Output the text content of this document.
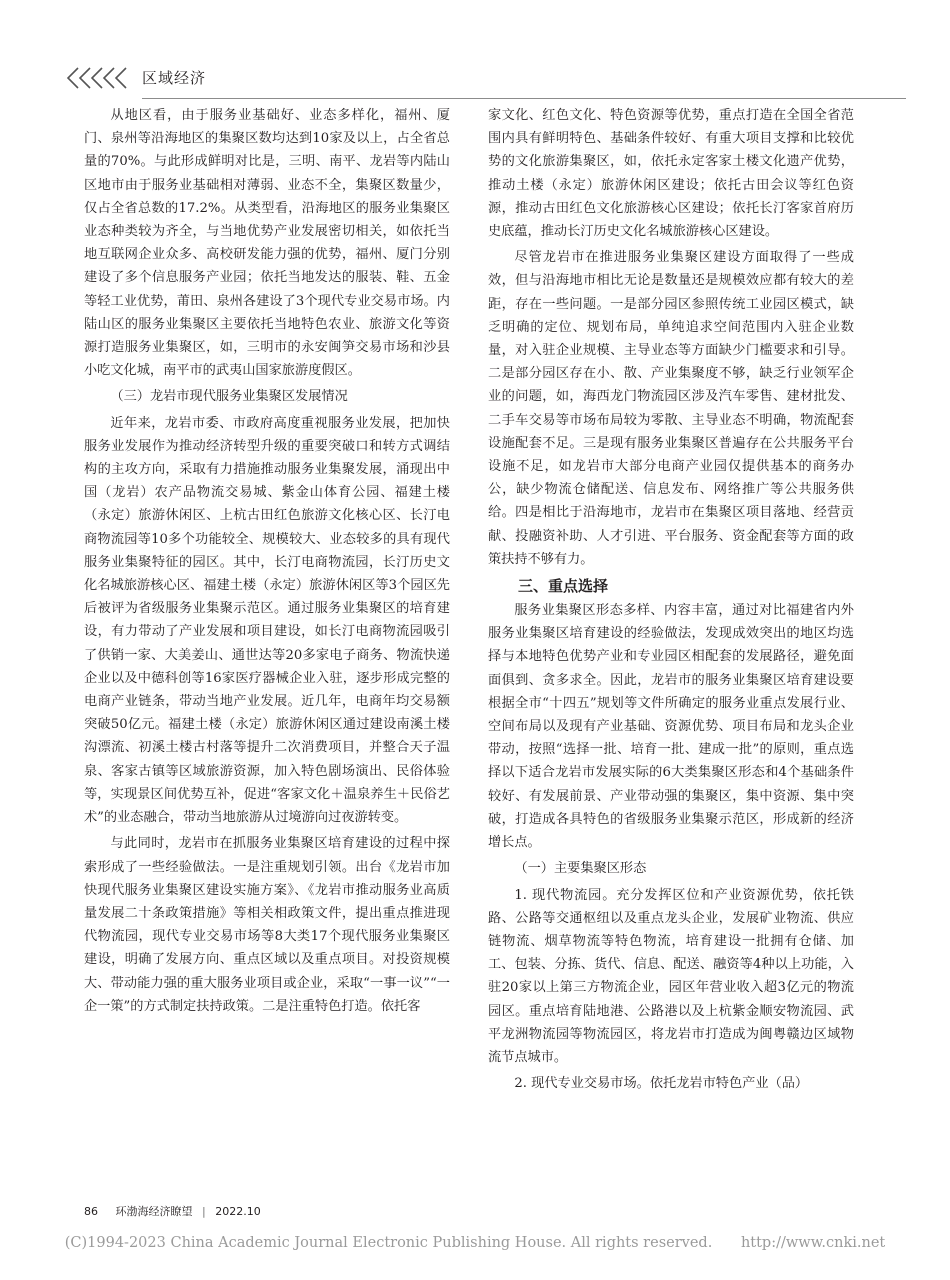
区域经济

从地区看，由于服务业基础好、业态多样化，福州、厦门、泉州等沿海地区的集聚区数均达到10家及以上，占全省总量的70%。与此形成鲜明对比是，三明、南平、龙岩等内陆山区地市由于服务业基础相对薄弱、业态不全，集聚区数量少，仅占全省总数的17.2%。从类型看，沿海地区的服务业集聚区业态种类较为齐全，与当地优势产业发展密切相关，如依托当地互联网企业众多、高校研发能力强的优势，福州、厦门分别建设了多个信息服务产业园；依托当地发达的服装、鞋、五金等轻工业优势，莆田、泉州各建设了3个现代专业交易市场。内陆山区的服务业集聚区主要依托当地特色农业、旅游文化等资源打造服务业集聚区，如，三明市的永安闽笋交易市场和沙县小吃文化城，南平市的武夷山国家旅游度假区。

（三）龙岩市现代服务业集聚区发展情况

近年来，龙岩市委、市政府高度重视服务业发展，把加快服务业发展作为推动经济转型升级的重要突破口和转方式调结构的主攻方向，采取有力措施推动服务业集聚发展，涌现出中国（龙岩）农产品物流交易城、紫金山体育公园、福建土楼（永定）旅游休闲区、上杭古田红色旅游文化核心区、长汀电商物流园等10多个功能较全、规模较大、业态较多的具有现代服务业集聚特征的园区。其中，长汀电商物流园，长汀历史文化名城旅游核心区、福建土楼（永定）旅游休闲区等3个园区先后被评为省级服务业集聚示范区。通过服务业集聚区的培育建设，有力带动了产业发展和项目建设，如长汀电商物流园吸引了供销一家、大美姜山、通世达等20多家电子商务、物流快递企业以及中德科创等16家医疗器械企业入驻，逐步形成完整的电商产业链条，带动当地产业发展。近几年，电商年均交易额突破50亿元。福建土楼（永定）旅游休闲区通过建设南溪土楼沟漂流、初溪土楼古村落等提升二次消费项目，并整合天子温泉、客家古镇等区域旅游资源，加入特色剧场演出、民俗体验等，实现景区间优势互补，促进“客家文化＋温泉养生＋民俗艺术”的业态融合，带动当地旅游从过境游向过夜游转变。

与此同时，龙岩市在抓服务业集聚区培育建设的过程中探索形成了一些经验做法。一是注重规划引领。出台《龙岩市加快现代服务业集聚区建设实施方案》、《龙岩市推动服务业高质量发展二十条政策措施》等相关相政策文件，提出重点推进现代物流园，现代专业交易市场等8大类17个现代服务业集聚区建设，明确了发展方向、重点区域以及重点项目。对投资规模大、带动能力强的重大服务业项目或企业，采取“一事一议”“一企一策”的方式制定扶持政策。二是注重特色打造。依托客

家文化、红色文化、特色资源等优势，重点打造在全国全省范围内具有鲜明特色、基础条件较好、有重大项目支撑和比较优势的文化旅游集聚区，如，依托永定客家土楼文化遗产优势，推动土楼（永定）旅游休闲区建设；依托古田会议等红色资源，推动古田红色文化旅游核心区建设；依托长汀客家首府历史底蕴，推动长汀历史文化名城旅游核心区建设。

尽管龙岩市在推进服务业集聚区建设方面取得了一些成效，但与沿海地市相比无论是数量还是规模效应都有较大的差距，存在一些问题。一是部分园区参照传统工业园区模式，缺乏明确的定位、规划布局，单纯追求空间范围内入驻企业数量，对入驻企业规模、主导业态等方面缺少门槛要求和引导。二是部分园区存在小、散、产业集聚度不够，缺乏行业领军企业的问题，如，海西龙门物流园区涉及汽车零售、建材批发、二手车交易等市场布局较为零散、主导业态不明确，物流配套设施配套不足。三是现有服务业集聚区普遍存在公共服务平台设施不足，如龙岩市大部分电商产业园仅提供基本的商务办公，缺少物流仓储配送、信息发布、网络推广等公共服务供给。四是相比于沿海地市，龙岩市在集聚区项目落地、经营贡献、投融资补助、人才引进、平台服务、资金配套等方面的政策扶持不够有力。

三、重点选择

服务业集聚区形态多样、内容丰富，通过对比福建省内外服务业集聚区培育建设的经验做法，发现成效突出的地区均选择与本地特色优势产业和专业园区相配套的发展路径，避免面面俱到、贪多求全。因此，龙岩市的服务业集聚区培育建设要根据全市“十四五”规划等文件所确定的服务业重点发展行业、空间布局以及现有产业基础、资源优势、项目布局和龙头企业带动，按照“选择一批、培育一批、建成一批”的原则，重点选择以下适合龙岩市发展实际的6大类集聚区形态和4个基础条件较好、有发展前景、产业带动强的集聚区，集中资源、集中突破，打造成各具特色的省级服务业集聚示范区，形成新的经济增长点。

（一）主要集聚区形态

1. 现代物流园。充分发挥区位和产业资源优势，依托铁路、公路等交通枢纽以及重点龙头企业，发展矿业物流、供应链物流、烟草物流等特色物流，培育建设一批拥有仓储、加工、包装、分拣、货代、信息、配送、融资等4种以上功能，入驻20家以上第三方物流企业，园区年营业收入超3亿元的物流园区。重点培育陆地港、公路港以及上杭紫金顺安物流园、武平龙洲物流园等物流园区，将龙岩市打造成为闽粤赣边区域物流节点城市。

2. 现代专业交易市场。依托龙岩市特色产业（品）

86 环渤海经济瞭望 | 2022.10
(C)1994-2023 China Academic Journal Electronic Publishing House. All rights reserved. http://www.cnki.net
